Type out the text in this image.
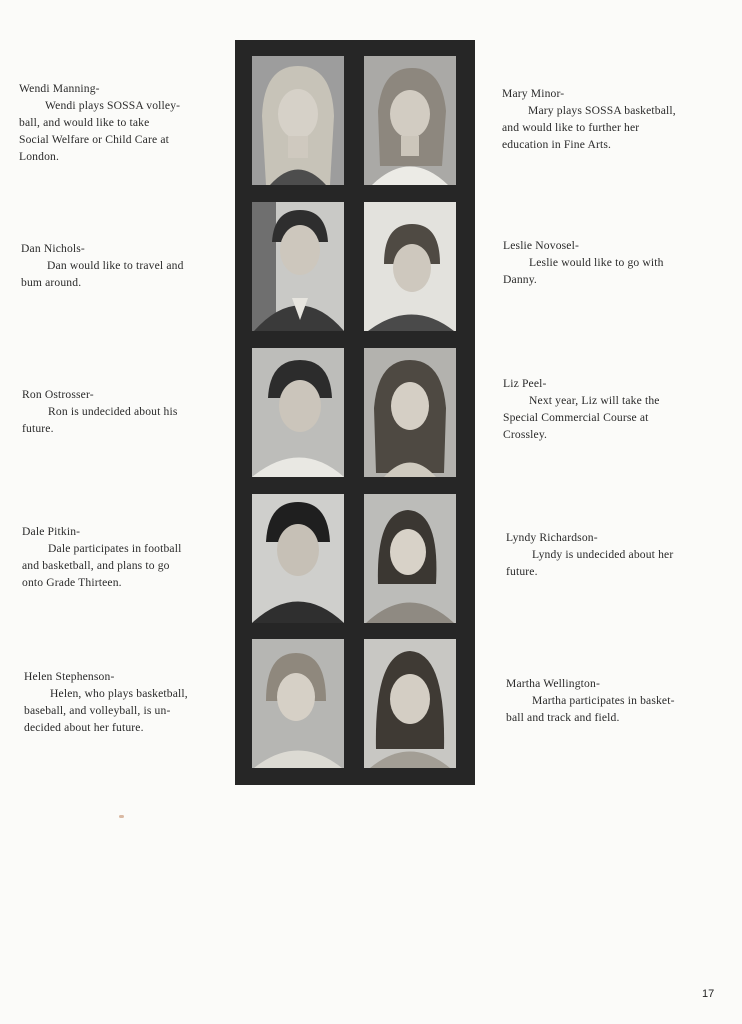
Wendi Manning-
Wendi plays SOSSA volley-
ball, and would like to take
Social Welfare or Child Care at
London.
Dan Nichols-
Dan would like to travel and
bum around.
Ron Ostrosser-
Ron is undecided about his
future.
Dale Pitkin-
Dale participates in football
and basketball, and plans to go
onto Grade Thirteen.
Helen Stephenson-
Helen, who plays basketball,
baseball, and volleyball, is un-
decided about her future.
Mary Minor-
Mary plays SOSSA basketball,
and would like to further her
education in Fine Arts.
Leslie Novosel-
Leslie would like to go with
Danny.
Liz Peel-
Next year, Liz will take the
Special Commercial Course at
Crossley.
Lyndy Richardson-
Lyndy is undecided about her
future.
Martha Wellington-
Martha participates in basket-
ball and track and field.
17
